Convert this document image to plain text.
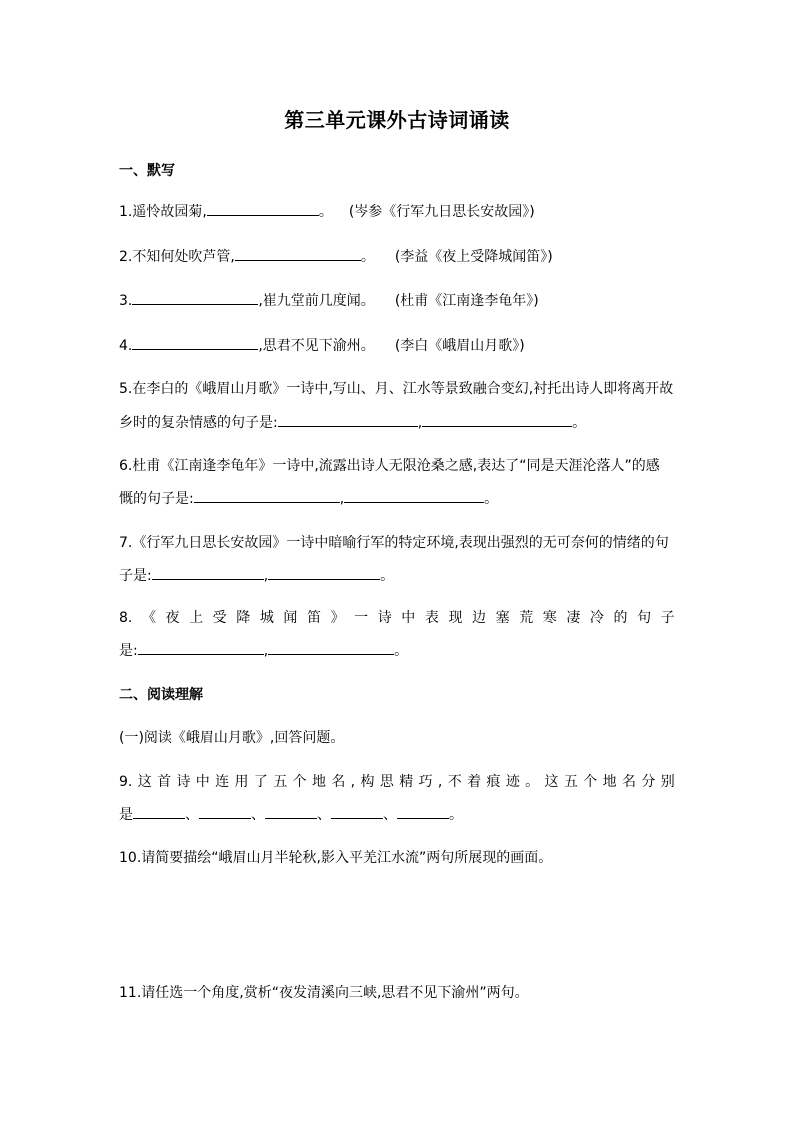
第三单元课外古诗词诵读
一、默写
1.遥怜故园菊,	。 (岑参《行军九日思长安故园》)
2.不知何处吹芦管,	。 (李益《夜上受降城闻笛》)
3.	,崔九堂前几度闻。 (杜甫《江南逢李龟年》)
4.	,思君不见下渝州。 (李白《峨眉山月歌》)
5.在李白的《峨眉山月歌》一诗中,写山、月、江水等景致融合变幻,衬托出诗人即将离开故
乡时的复杂情感的句子是:	,	。
6.杜甫《江南逢李龟年》一诗中,流露出诗人无限沧桑之感,表达了“同是天涯沦落人”的感
慨的句子是:	,	。
7.《行军九日思长安故园》一诗中暗喻行军的特定环境,表现出强烈的无可奈何的情绪的句
子是:	,	。
8. 《 夜 上 受 降 城 闻 笛 》 一 诗 中 表 现 边 塞 荒 寒 凄 冷 的 句 子
是:	,	。
二、阅读理解
(一)阅读《峨眉山月歌》,回答问题。
9. 这 首 诗 中 连 用 了 五 个 地 名 , 构 思 精 巧 , 不 着 痕 迹 。 这 五 个 地 名 分 别
是	、	、	、	、	。
10.请简要描绘“峨眉山月半轮秋,影入平羌江水流”两句所展现的画面。
11.请任选一个角度,赏析“夜发清溪向三峡,思君不见下渝州”两句。
